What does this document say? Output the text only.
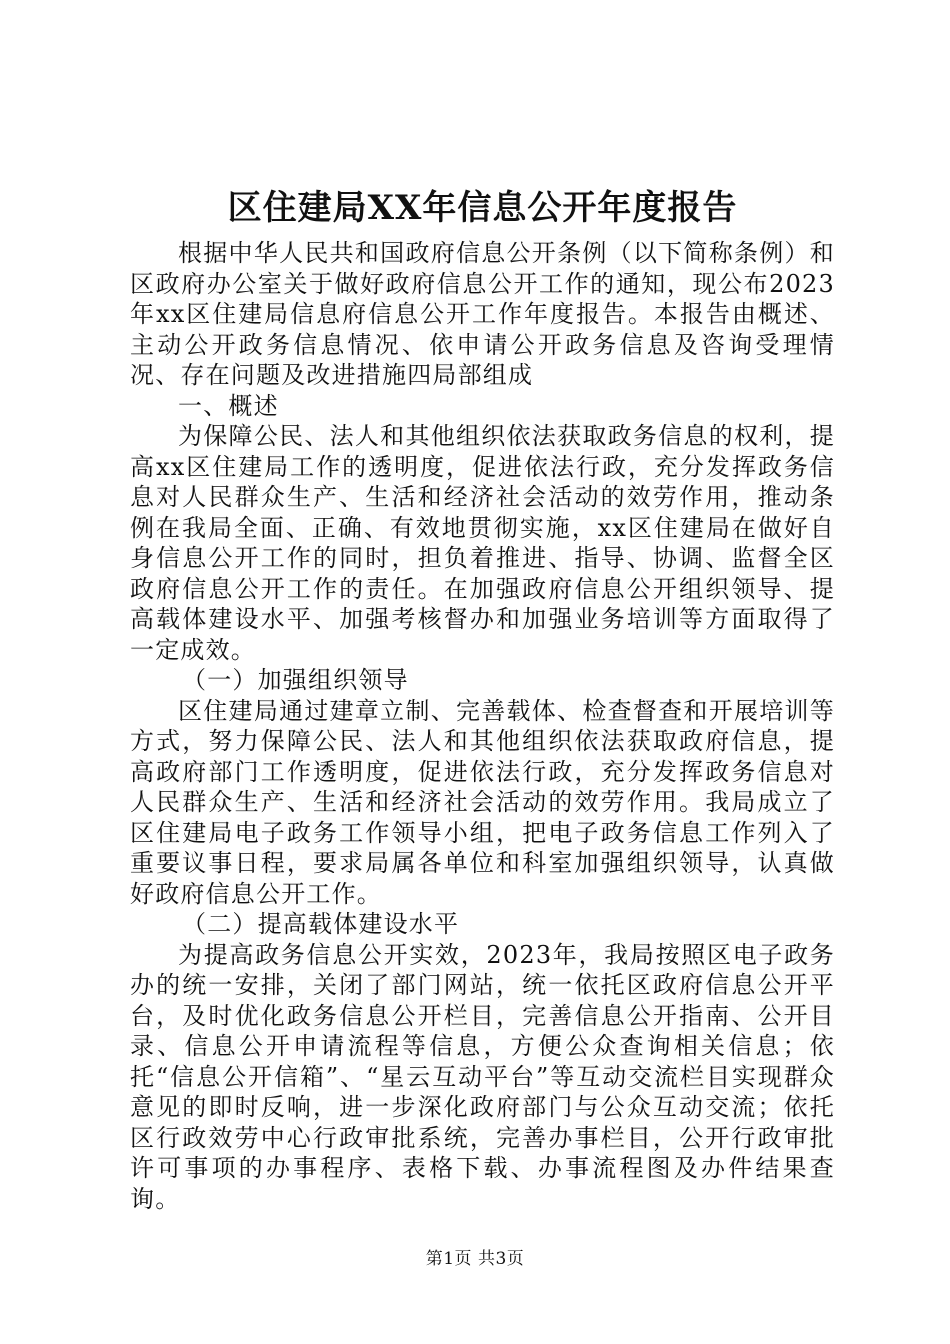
区住建局XX年信息公开年度报告

根据中华人民共和国政府信息公开条例（以下简称条例）和区政府办公室关于做好政府信息公开工作的通知，现公布2023年xx区住建局信息府信息公开工作年度报告。本报告由概述、主动公开政务信息情况、依申请公开政务信息及咨询受理情况、存在问题及改进措施四局部组成

一、概述

为保障公民、法人和其他组织依法获取政务信息的权利，提高xx区住建局工作的透明度，促进依法行政，充分发挥政务信息对人民群众生产、生活和经济社会活动的效劳作用，推动条例在我局全面、正确、有效地贯彻实施，xx区住建局在做好自身信息公开工作的同时，担负着推进、指导、协调、监督全区政府信息公开工作的责任。在加强政府信息公开组织领导、提高载体建设水平、加强考核督办和加强业务培训等方面取得了一定成效。

（一）加强组织领导

区住建局通过建章立制、完善载体、检查督查和开展培训等方式，努力保障公民、法人和其他组织依法获取政府信息，提高政府部门工作透明度，促进依法行政，充分发挥政务信息对人民群众生产、生活和经济社会活动的效劳作用。我局成立了区住建局电子政务工作领导小组，把电子政务信息工作列入了重要议事日程，要求局属各单位和科室加强组织领导，认真做好政府信息公开工作。

（二）提高载体建设水平

为提高政务信息公开实效，2023年，我局按照区电子政务办的统一安排，关闭了部门网站，统一依托区政府信息公开平台，及时优化政务信息公开栏目，完善信息公开指南、公开目录、信息公开申请流程等信息，方便公众查询相关信息；依托“信息公开信箱”、“星云互动平台”等互动交流栏目实现群众意见的即时反响，进一步深化政府部门与公众互动交流；依托区行政效劳中心行政审批系统，完善办事栏目，公开行政审批许可事项的办事程序、表格下载、办事流程图及办件结果查询。

第1页 共3页
